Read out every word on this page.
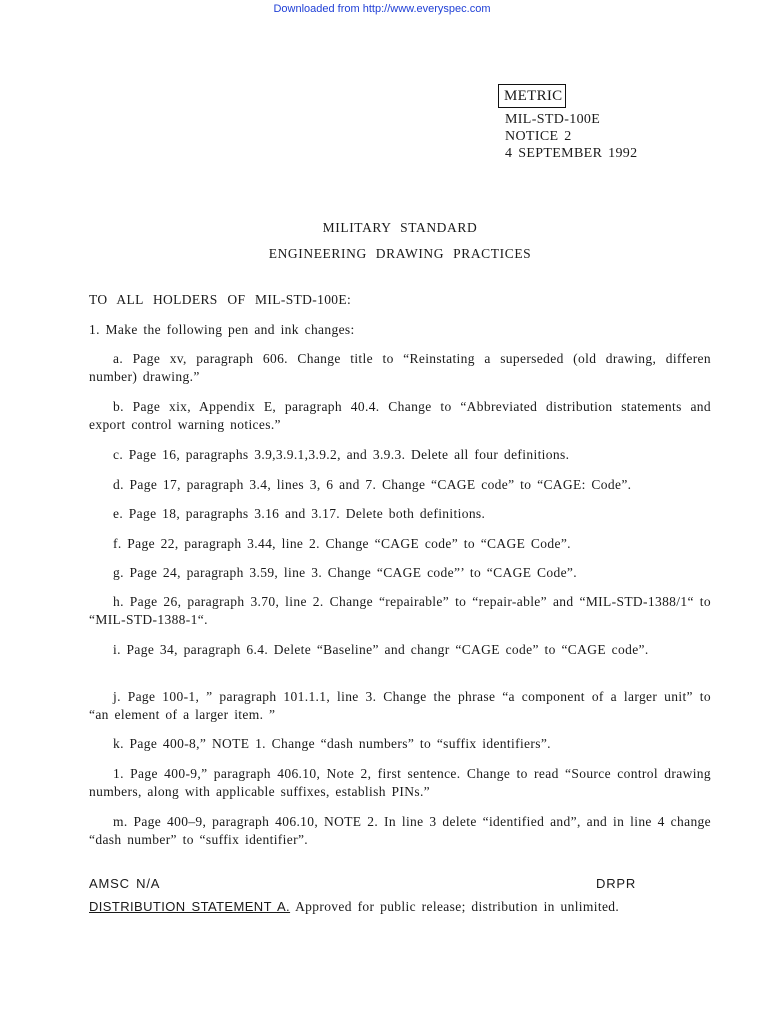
Downloaded from http://www.everyspec.com
METRIC
MIL-STD-100E
NOTICE 2
4 SEPTEMBER 1992
MILITARY STANDARD
ENGINEERING DRAWING PRACTICES
TO ALL HOLDERS OF MIL-STD-100E:
1. Make the following pen and ink changes:
a. Page xv, paragraph 606. Change title to “Reinstating a superseded (old drawing, differen number) drawing.”
b. Page xix, Appendix E, paragraph 40.4. Change to “Abbreviated distribution statements and export control warning notices.”
c. Page 16, paragraphs 3.9,3.9.1,3.9.2, and 3.9.3. Delete all four definitions.
d. Page 17, paragraph 3.4, lines 3, 6 and 7. Change “CAGE code” to “CAGE: Code”.
e. Page 18, paragraphs 3.16 and 3.17. Delete both definitions.
f. Page 22, paragraph 3.44, line 2. Change “CAGE code” to “CAGE Code”.
g. Page 24, paragraph 3.59, line 3. Change “CAGE code”’ to “CAGE Code”.
h. Page 26, paragraph 3.70, line 2. Change “repairable” to “repair-able” and “MIL-STD-1388/1“ to “MIL-STD-1388-1“.
i. Page 34, paragraph 6.4. Delete “Baseline” and changr “CAGE code” to “CAGE code”.
j. Page 100-1, ” paragraph 101.1.1, line 3. Change the phrase “a component of a larger unit” to “an element of a larger item. ”
k. Page 400-8,” NOTE 1. Change “dash numbers” to “suffix identifiers”.
1. Page 400-9,” paragraph 406.10, Note 2, first sentence. Change to read “Source control drawing numbers, along with applicable suffixes, establish PINs.”
m. Page 400–9, paragraph 406.10, NOTE 2. In line 3 delete “identified and”, and in line 4 change “dash number” to “suffix identifier”.
AMSC N/A	DRPR
DISTRIBUTION STATEMENT A. Approved for public release; distribution in unlimited.
